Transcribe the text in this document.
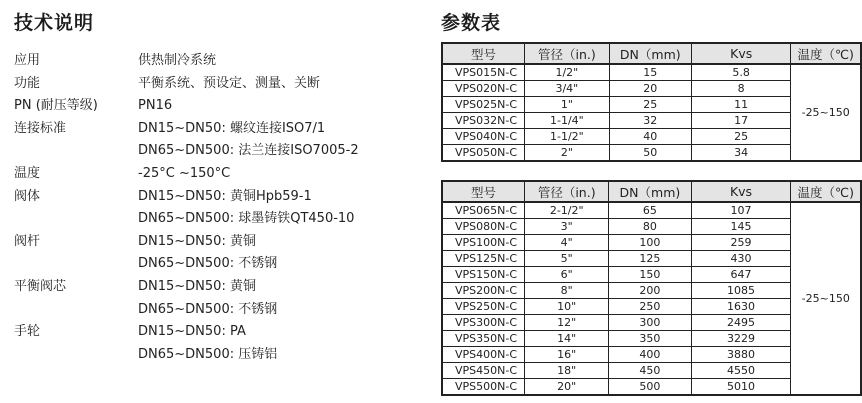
技术说明	参数表
应用	供热制冷系统
功能	平衡系统、预设定、测量、关断
PN (耐压等级)	PN16
连接标准	DN15~DN50: 螺纹连接ISO7/1
DN65~DN500: 法兰连接ISO7005-2
温度	-25°C ~150°C
阀体	DN15~DN50: 黄铜Hpb59-1
DN65~DN500: 球墨铸铁QT450-10
阀杆	DN15~DN50: 黄铜
DN65~DN500: 不锈钢
平衡阀芯	DN15~DN50: 黄铜
DN65~DN500: 不锈钢
手轮	DN15~DN50: PA
DN65~DN500: 压铸铝
型号	管径（in.)	DN（mm)	Kvs	温度（℃)
VPS015N-C	1/2"	15	5.8	-25~150
VPS020N-C	3/4"	20	8	
VPS025N-C	1"	25	11	
VPS032N-C	1-1/4"	32	17	
VPS040N-C	1-1/2"	40	25	
VPS050N-C	2"	50	34	
型号	管径（in.)	DN（mm)	Kvs	温度（℃)
VPS065N-C	2-1/2"	65	107	-25~150
VPS080N-C	3"	80	145	
VPS100N-C	4"	100	259	
VPS125N-C	5"	125	430	
VPS150N-C	6"	150	647	
VPS200N-C	8"	200	1085	
VPS250N-C	10"	250	1630	
VPS300N-C	12"	300	2495	
VPS350N-C	14"	350	3229	
VPS400N-C	16"	400	3880	
VPS450N-C	18"	450	4550	
VPS500N-C	20"	500	5010	
